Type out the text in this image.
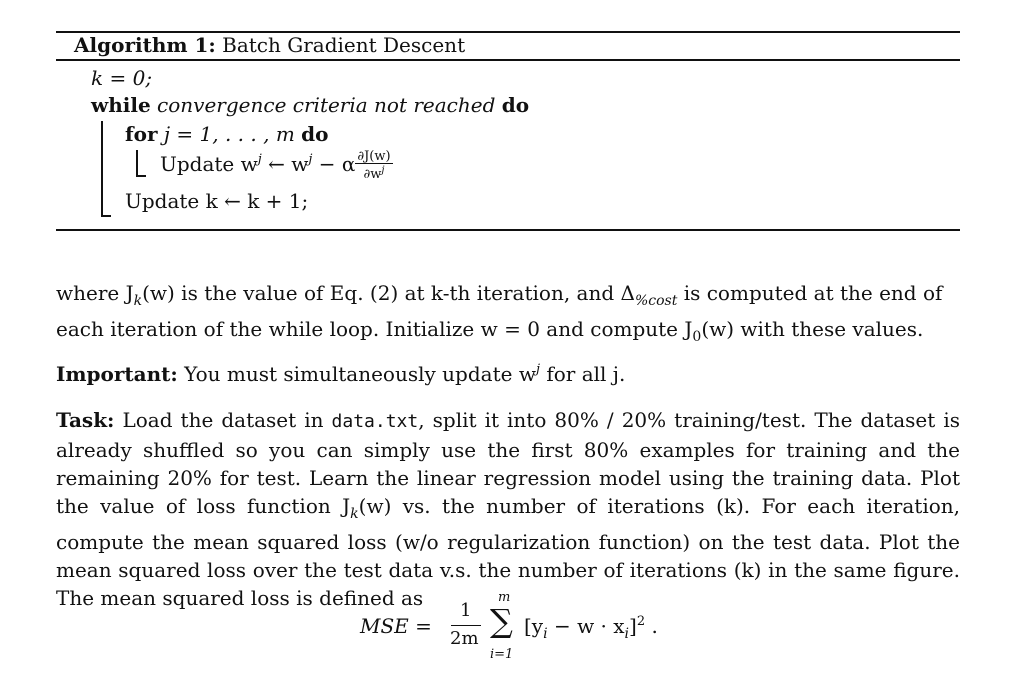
Algorithm 1: Batch Gradient Descent
k = 0;
while convergence criteria not reached do
for j = 1, . . . , m do
Update $w^j$ ← $w^j - \alpha \frac{\partial J(w)}{\partial w^j}$
Update k ← k + 1;
where $J_k(w)$ is the value of Eq. (2) at k-th iteration, and $\Delta_{\%cost}$ is computed at the end of
each iteration of the while loop. Initialize w = 0 and compute $J_0(w)$ with these values.
Important: You must simultaneously update $w^j$ for all j.
Task: Load the dataset in data.txt, split it into 80% / 20% training/test. The dataset is already shuffled so you can simply use the first 80% examples for training and the remaining 20% for test. Learn the linear regression model using the training data. Plot the value of loss function $J_k(w)$ vs. the number of iterations (k). For each iteration, compute the mean squared loss (w/o regularization function) on the test data. Plot the mean squared loss over the test data v.s. the number of iterations (k) in the same figure. The mean squared loss is defined as
MSE =
1
2m
m
∑
i=1
$[y_i - w \cdot x_i]^2$ .
